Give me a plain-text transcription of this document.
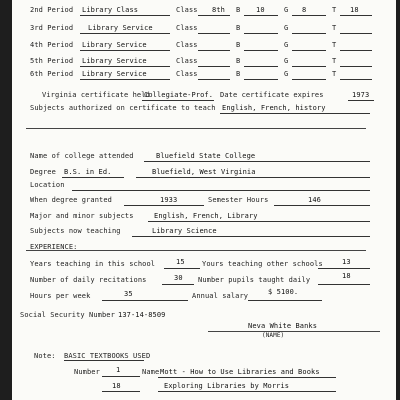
2nd Period Library Class	Class 8th B 10	G 8	T 18
3rd Period Library Service	Class	B	G	T
4th Period Library Service	Class	B	G	T
5th Period Library Service	Class	B	G	T
6th Period Library Service	Class	B	G	T
Virginia certificate held
Collegiate-Prof. Date certificate expires	1973
Subjects authorized on certificate to teach English, French, history
Name of college attended	Bluefield State College
Degree B.S. in Ed.	Bluefield, West Virginia
Location
When degree granted	1933	Semester Hours	146
Major and minor subjects	English, French, Library
Subjects now teaching	Library Science
EXPERIENCE:
Years teaching in this school	15 Yours teaching other schools	13
Number of daily recitations	30 Number pupils taught daily	18
Hours per week	35	Annual salary	$ 5100.
Social Security Number 137-14-8509
Neva White Banks
(NAME)
Note: BASIC TEXTBOOKS USED
Number 1	Name Mott - How to Use Libraries and Books
18	Exploring Libraries by Morris
